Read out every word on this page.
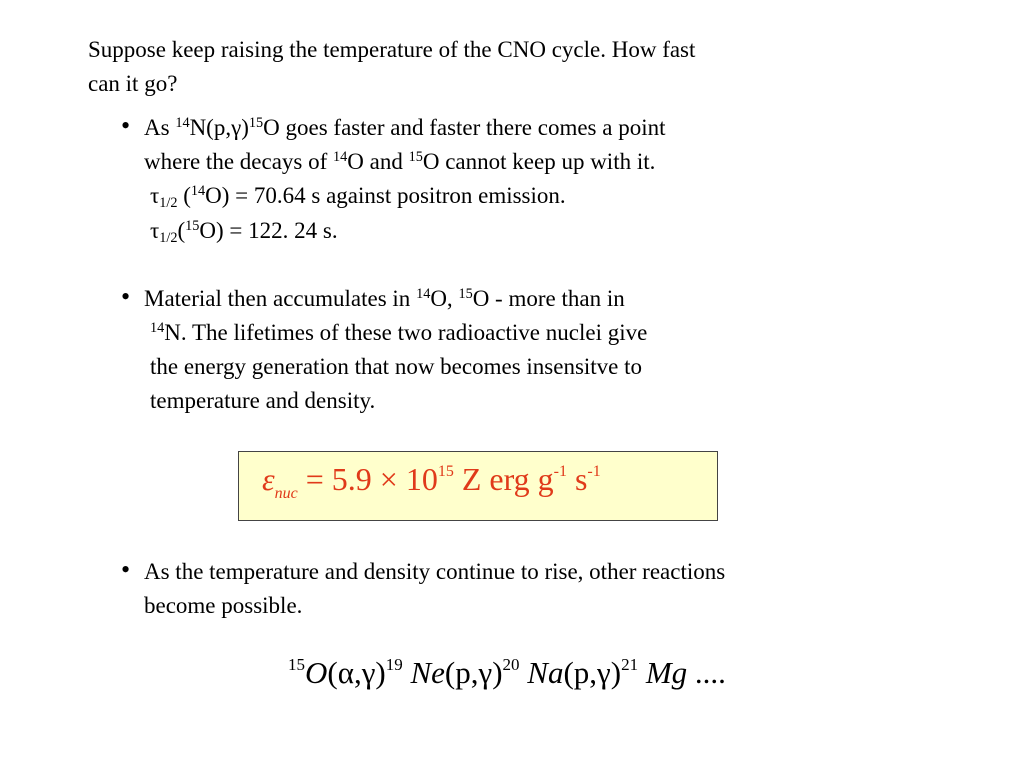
Suppose keep raising the temperature of the CNO cycle. How fast
can it go?
• As $^{14}N(p,\gamma)^{15}O$ goes faster and faster there comes a point
where the decays of $^{14}$O and $^{15}$O cannot keep up with it.
$\tau_{1/2}$ ($^{14}$O) = 70.64 s against positron emission.
$\tau_{1/2}(^{15}O) = 122$. 24 s.
• Material then accumulates in $^{14}$O, $^{15}$O - more than in
$^{14}$N. The lifetimes of these two radioactive nuclei give
the energy generation that now becomes insensitve to
temperature and density.
$\varepsilon_{nuc} = 5.9 \times 10^{15}$ Z erg $g^{-1}$ $s^{-1}$
• As the temperature and density continue to rise, other reactions
become possible.
$^{15}O(\alpha,\gamma)^{19}$ $Ne(p,\gamma)^{20}$ $Na(p,\gamma)^{21}$ Mg ....
